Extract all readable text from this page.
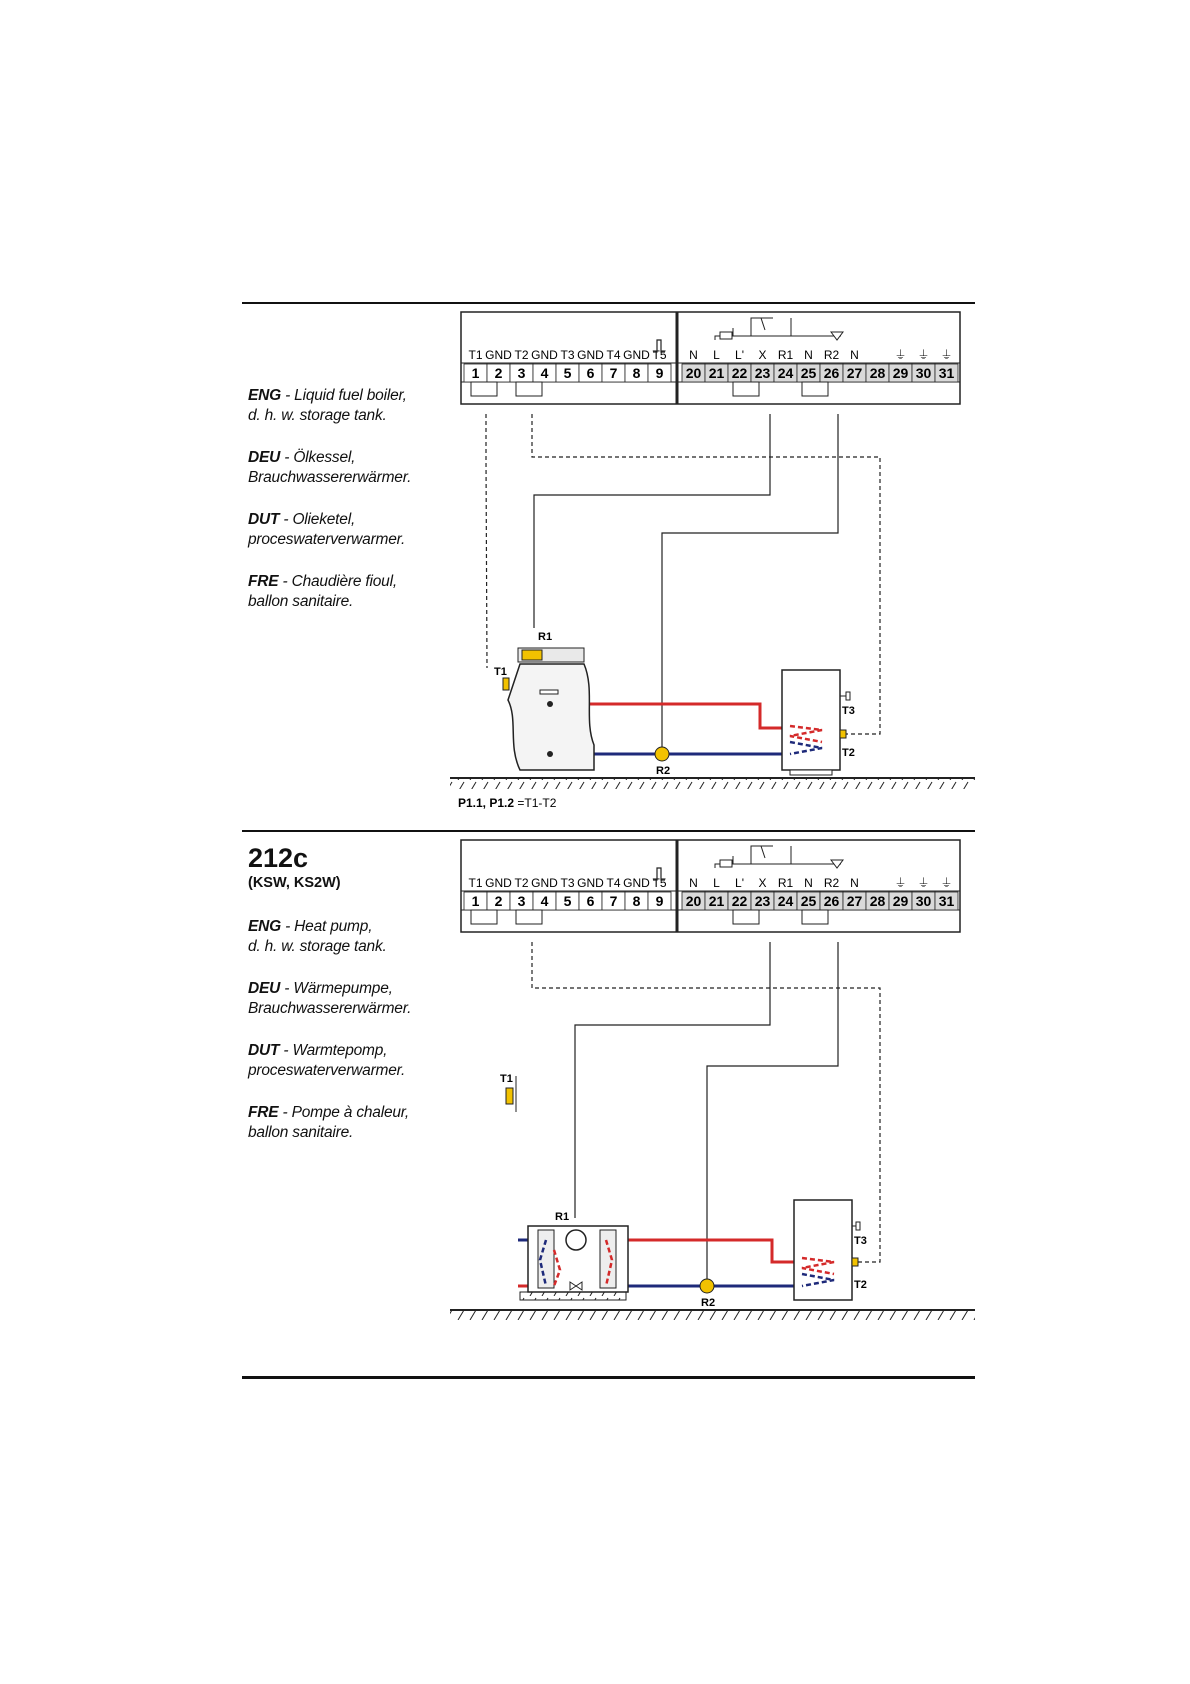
ENG - Liquid fuel boiler,
d. h. w. storage tank.
DEU - Ölkessel,
Brauchwassererwärmer.
DUT - Olieketel,
proceswaterverwarmer.
FRE - Chaudière fioul,
ballon sanitaire.
212c
(KSW, KS2W)
ENG - Heat pump,
d. h. w. storage tank.
DEU - Wärmepumpe,
Brauchwassererwärmer.
DUT - Warmtepomp,
proceswaterverwarmer.
FRE - Pompe à chaleur,
ballon sanitaire.
T1
1
GND
2
T2
3
GND
4
T3
5
GND
6
T4
7
GND
8
T5
9
N
20
L
21
L'
22
X
23
R1
24
N
25
R2
26
N
27 28
⏚
29
⏚
30
⏚
31
R1
T1
R2
T3
T2
P1.1, P1.2 =T1-T2
T1
1
GND
2
T2
3
GND
4
T3
5
GND
6
T4
7
GND
8
T5
9
N
20
L
21
L'
22
X
23
R1
24
N
25
R2
26
N
27 28
⏚
29
⏚
30
⏚
31
R1
T1
R2
T3
T2
